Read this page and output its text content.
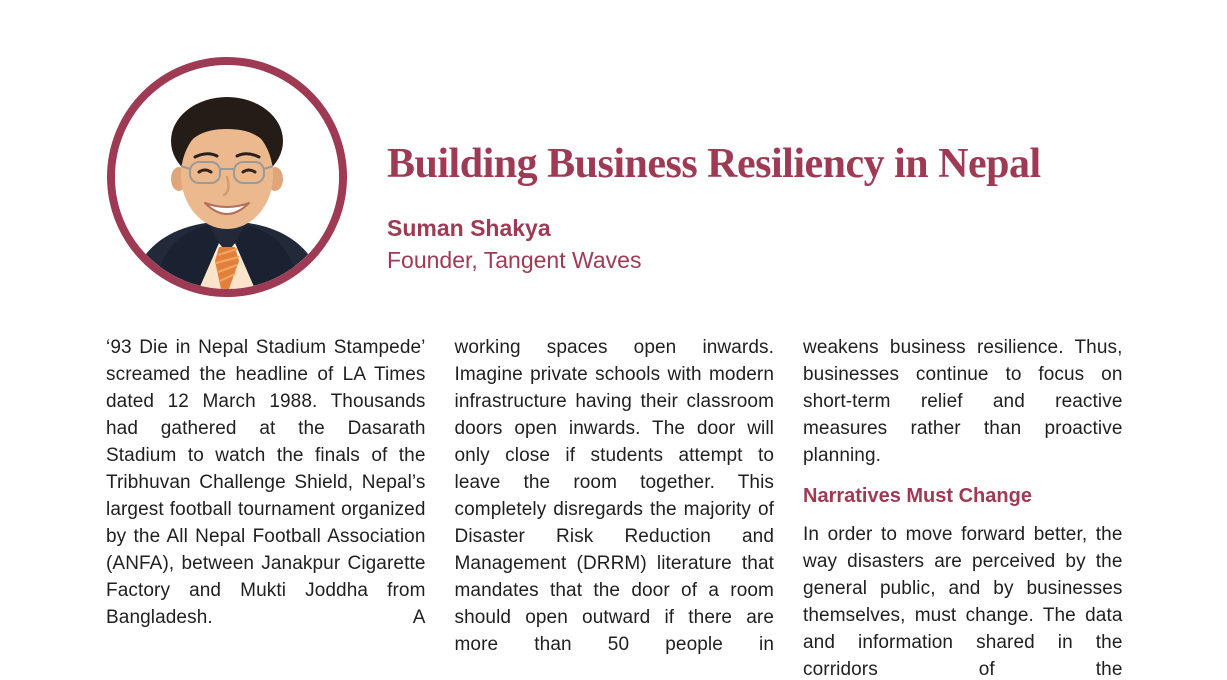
Building Business Resiliency in Nepal
Suman Shakya
Founder, Tangent Waves

‘93 Die in Nepal Stadium Stampede’ screamed the headline of LA Times dated 12 March 1988. Thousands had gathered at the Dasarath Stadium to watch the finals of the Tribhuvan Challenge Shield, Nepal’s largest football tournament organized by the All Nepal Football Association (ANFA), between Janakpur Cigarette Factory and Mukti Joddha from Bangladesh. A

working spaces open inwards. Imagine private schools with modern infrastructure having their classroom doors open inwards. The door will only close if students attempt to leave the room together. This completely disregards the majority of Disaster Risk Reduction and Management (DRRM) literature that mandates that the door of a room should open outward if there are more than 50 people in

weakens business resilience. Thus, businesses continue to focus on short-term relief and reactive measures rather than proactive planning.

Narratives Must Change

In order to move forward better, the way disasters are perceived by the general public, and by businesses themselves, must change. The data and information shared in the corridors of the
